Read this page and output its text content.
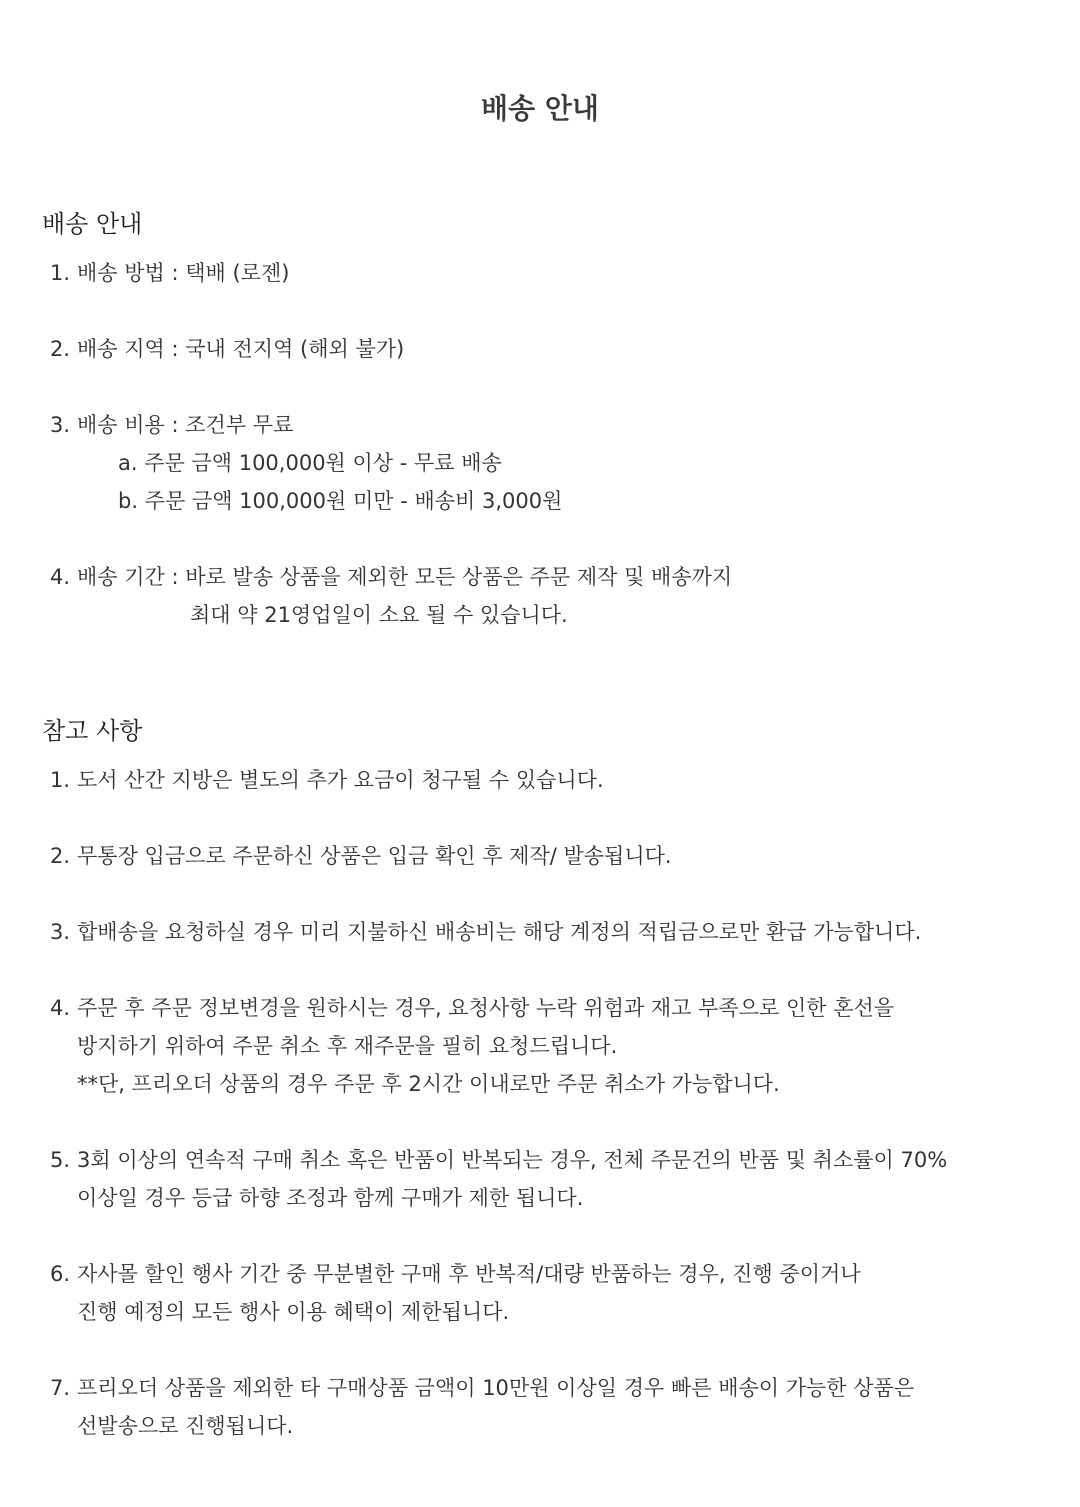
배송 안내
배송 안내
1. 배송 방법 : 택배 (로젠)
2. 배송 지역 : 국내 전지역 (해외 불가)
3. 배송 비용 : 조건부 무료
a. 주문 금액 100,000원 이상 - 무료 배송
b. 주문 금액 100,000원 미만 - 배송비 3,000원
4. 배송 기간 : 바로 발송 상품을 제외한 모든 상품은 주문 제작 및 배송까지
최대 약 21영업일이 소요 될 수 있습니다.
참고 사항
1. 도서 산간 지방은 별도의 추가 요금이 청구될 수 있습니다.
2. 무통장 입금으로 주문하신 상품은 입금 확인 후 제작/ 발송됩니다.
3. 합배송을 요청하실 경우 미리 지불하신 배송비는 해당 계정의 적립금으로만 환급 가능합니다.
4. 주문 후 주문 정보변경을 원하시는 경우, 요청사항 누락 위험과 재고 부족으로 인한 혼선을
방지하기 위하여 주문 취소 후 재주문을 필히 요청드립니다.
**단, 프리오더 상품의 경우 주문 후 2시간 이내로만 주문 취소가 가능합니다.
5. 3회 이상의 연속적 구매 취소 혹은 반품이 반복되는 경우, 전체 주문건의 반품 및 취소률이 70%
이상일 경우 등급 하향 조정과 함께 구매가 제한 됩니다.
6. 자사몰 할인 행사 기간 중 무분별한 구매 후 반복적/대량 반품하는 경우, 진행 중이거나
진행 예정의 모든 행사 이용 혜택이 제한됩니다.
7. 프리오더 상품을 제외한 타 구매상품 금액이 10만원 이상일 경우 빠른 배송이 가능한 상품은
선발송으로 진행됩니다.
